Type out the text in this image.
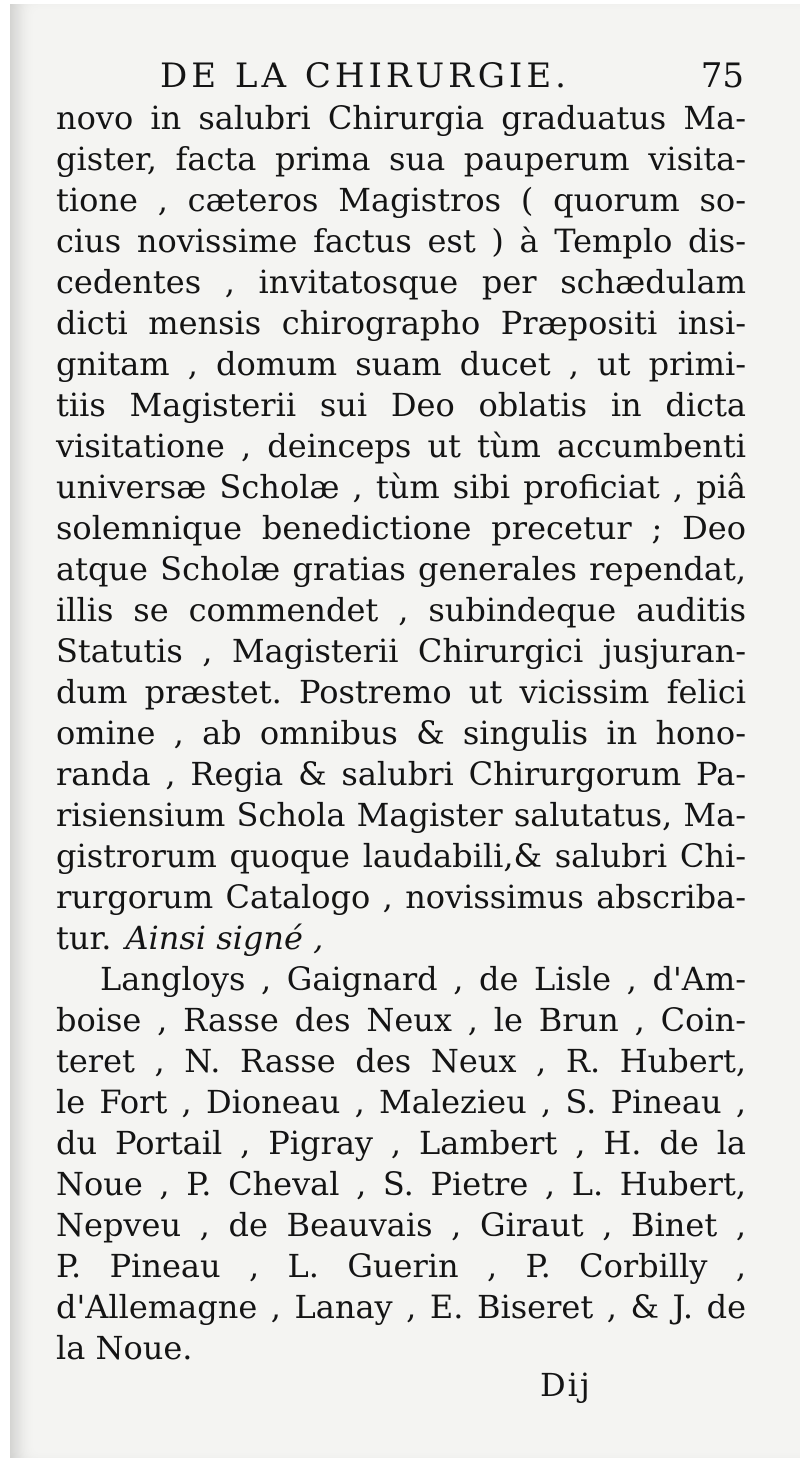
DE LA CHIRURGIE.	75
novo in salubri Chirurgia graduatus Ma-
gister, facta prima sua pauperum visita-
tione , cæteros Magistros ( quorum so-
cius novissime factus est ) à Templo dis-
cedentes , invitatosque per schædulam
dicti mensis chirographo Præpositi insi-
gnitam , domum suam ducet , ut primi-
tiis Magisterii sui Deo oblatis in dicta
visitatione , deinceps ut tùm accumbenti
universæ Scholæ , tùm sibi proficiat , piâ
solemnique benedictione precetur ; Deo
atque Scholæ gratias generales rependat,
illis se commendet , subindeque auditis
Statutis , Magisterii Chirurgici jusjuran-
dum præstet. Postremo ut vicissim felici
omine , ab omnibus & singulis in hono-
randa , Regia & salubri Chirurgorum Pa-
risiensium Schola Magister salutatus, Ma-
gistrorum quoque laudabili,& salubri Chi-
rurgorum Catalogo , novissimus abscriba-
tur. Ainsi signé ,
Langloys , Gaignard , de Lisle , d'Am-
boise , Rasse des Neux , le Brun , Coin-
teret , N. Rasse des Neux , R. Hubert,
le Fort , Dioneau , Malezieu , S. Pineau ,
du Portail , Pigray , Lambert , H. de la
Noue , P. Cheval , S. Pietre , L. Hubert,
Nepveu , de Beauvais , Giraut , Binet ,
P. Pineau , L. Guerin , P. Corbilly ,
d'Allemagne , Lanay , E. Biseret , & J. de
la Noue.
Dij
